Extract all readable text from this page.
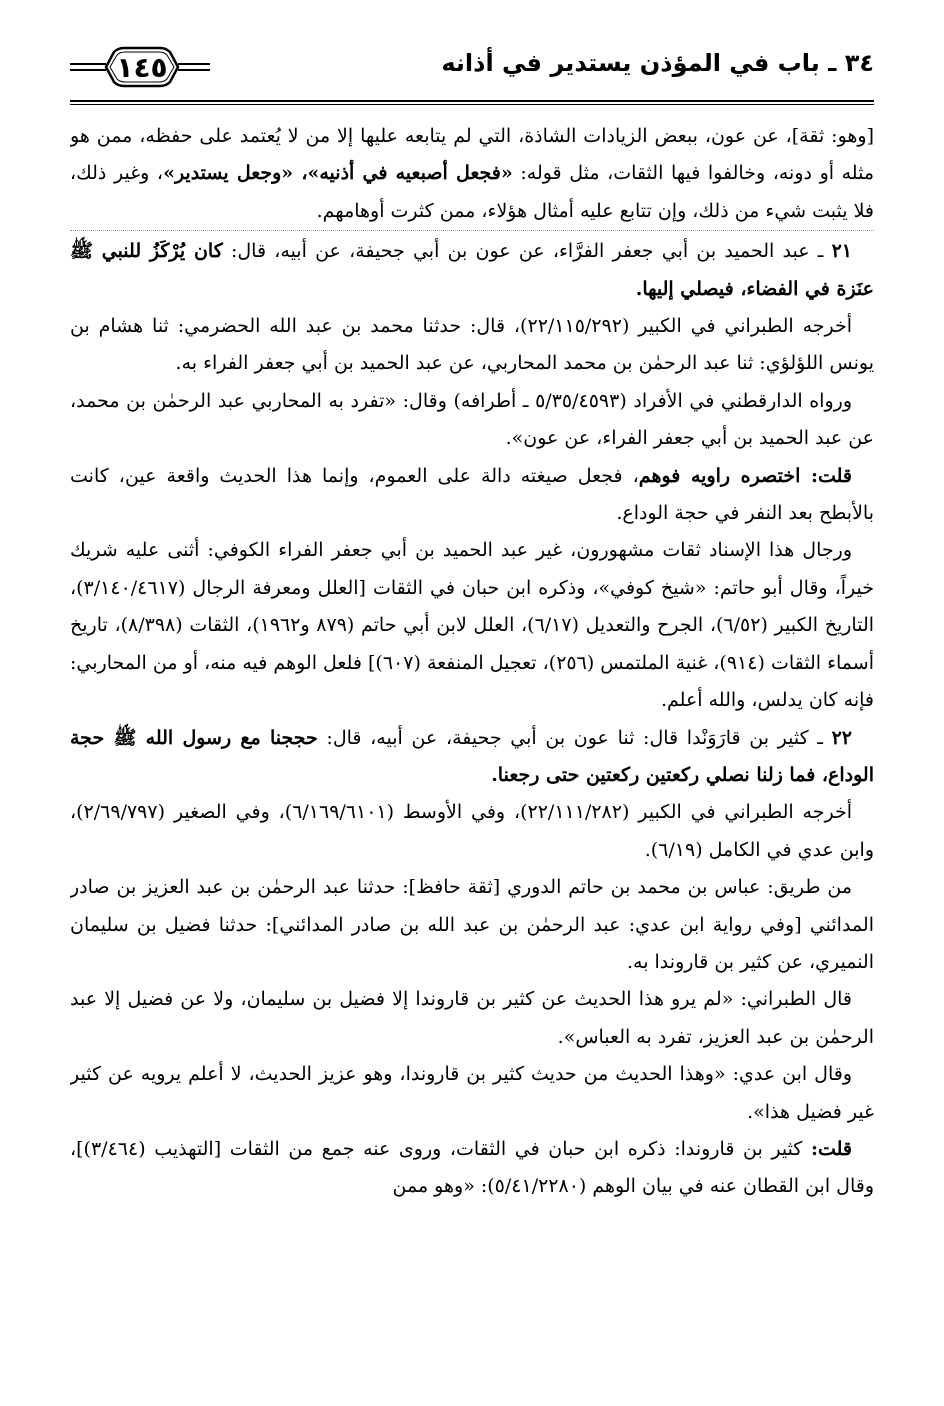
٣٤ ـ باب في المؤذن يستدير في أذانه
١٤٥

[وهو: ثقة]، عن عون، ببعض الزيادات الشاذة، التي لم يتابعه عليها إلا من لا يُعتمد على حفظه، ممن هو مثله أو دونه، وخالفوا فيها الثقات، مثل قوله: «فجعل أصبعيه في أذنيه»، «وجعل يستدير»، وغير ذلك، فلا يثبت شيء من ذلك، وإن تتابع عليه أمثال هؤلاء، ممن كثرت أوهامهم.

٢١ ـ عبد الحميد بن أبي جعفر الفرَّاء، عن عون بن أبي جحيفة، عن أبيه، قال: كان يُرْكَزُ للنبي ﷺ عنَزة في الفضاء، فيصلي إليها.

أخرجه الطبراني في الكبير (٢٢/١١٥/٢٩٢)، قال: حدثنا محمد بن عبد الله الحضرمي: ثنا هشام بن يونس اللؤلؤي: ثنا عبد الرحمٰن بن محمد المحاربي، عن عبد الحميد بن أبي جعفر الفراء به.

ورواه الدارقطني في الأفراد (٥/٣٥/٤٥٩٣ ـ أطرافه) وقال: «تفرد به المحاربي عبد الرحمٰن بن محمد، عن عبد الحميد بن أبي جعفر الفراء، عن عون».

قلت: اختصره راويه فوهم، فجعل صيغته دالة على العموم، وإنما هذا الحديث واقعة عين، كانت بالأبطح بعد النفر في حجة الوداع.

ورجال هذا الإسناد ثقات مشهورون، غير عبد الحميد بن أبي جعفر الفراء الكوفي: أثنى عليه شريك خيراً، وقال أبو حاتم: «شيخ كوفي»، وذكره ابن حبان في الثقات [العلل ومعرفة الرجال (٣/١٤٠/٤٦١٧)، التاريخ الكبير (٦/٥٢)، الجرح والتعديل (٦/١٧)، العلل لابن أبي حاتم (٨٧٩ و١٩٦٢)، الثقات (٨/٣٩٨)، تاريخ أسماء الثقات (٩١٤)، غنية الملتمس (٢٥٦)، تعجيل المنفعة (٦٠٧)] فلعل الوهم فيه منه، أو من المحاربي: فإنه كان يدلس، والله أعلم.

٢٢ ـ كثير بن قارَوَنْدا قال: ثنا عون بن أبي جحيفة، عن أبيه، قال: حججنا مع رسول الله ﷺ حجة الوداع، فما زلنا نصلي ركعتين ركعتين حتى رجعنا.

أخرجه الطبراني في الكبير (٢٢/١١١/٢٨٢)، وفي الأوسط (٦/١٦٩/٦١٠١)، وفي الصغير (٢/٦٩/٧٩٧)، وابن عدي في الكامل (٦/١٩).

من طريق: عباس بن محمد بن حاتم الدوري [ثقة حافظ]: حدثنا عبد الرحمٰن بن عبد العزيز بن صادر المدائني [وفي رواية ابن عدي: عبد الرحمٰن بن عبد الله بن صادر المدائني]: حدثنا فضيل بن سليمان النميري، عن كثير بن قاروندا به.

قال الطبراني: «لم يرو هذا الحديث عن كثير بن قاروندا إلا فضيل بن سليمان، ولا عن فضيل إلا عبد الرحمٰن بن عبد العزيز، تفرد به العباس».

وقال ابن عدي: «وهذا الحديث من حديث كثير بن قاروندا، وهو عزيز الحديث، لا أعلم يرويه عن كثير غير فضيل هذا».

قلت: كثير بن قاروندا: ذكره ابن حبان في الثقات، وروى عنه جمع من الثقات [التهذيب (٣/٤٦٤)]، وقال ابن القطان عنه في بيان الوهم (٥/٤١/٢٢٨٠): «وهو ممن
